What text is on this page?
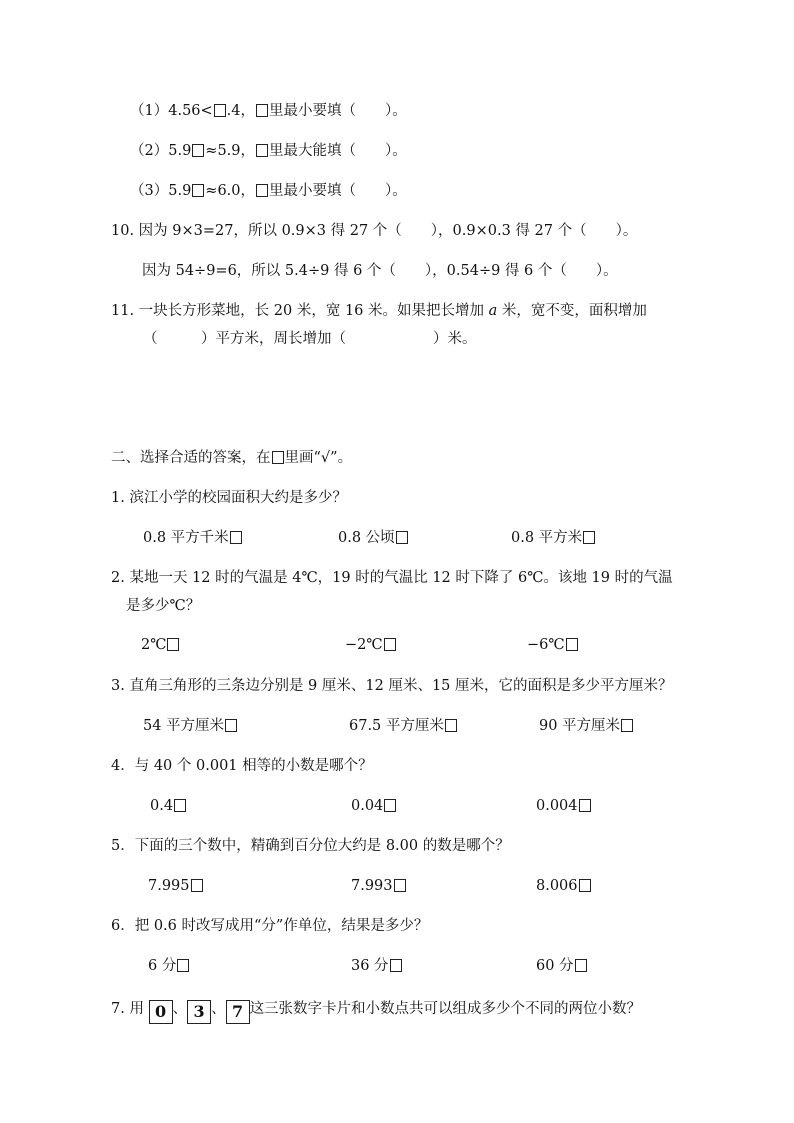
（1）4.56< .4， 里最小要填（　　）。
（2）5.9 ≈5.9， 里最大能填（　　）。
（3）5.9 ≈6.0， 里最小要填（　　）。
10. 因为 9×3=27，所以 0.9×3 得 27 个（　　），0.9×0.3 得 27 个（　　）。
因为 54÷9=6，所以 5.4÷9 得 6 个（　　），0.54÷9 得 6 个（　　）。
11. 一块长方形菜地，长 20 米，宽 16 米。如果把长增加 a 米，宽不变，面积增加
（　　　）平方米，周长增加（　　　　　　）米。
二、选择合适的答案，在 里画“√”。
1. 滨江小学的校园面积大约是多少？
0.8 平方千米	0.8 公顷	0.8 平方米
2. 某地一天 12 时的气温是 4℃，19 时的气温比 12 时下降了 6℃。该地 19 时的气温
是多少℃？
2℃	−2℃	−6℃
3. 直角三角形的三条边分别是 9 厘米、12 厘米、15 厘米，它的面积是多少平方厘米？
54 平方厘米	67.5 平方厘米	90 平方厘米
4．与 40 个 0.001 相等的小数是哪个？
0.4	0.04	0.004
5．下面的三个数中，精确到百分位大约是 8.00 的数是哪个？
7.995	7.993	8.006
6．把 0.6 时改写成用“分”作单位，结果是多少？
6 分	36 分	60 分
7. 用 0 、 3 、 7 这三张数字卡片和小数点共可以组成多少个不同的两位小数？
